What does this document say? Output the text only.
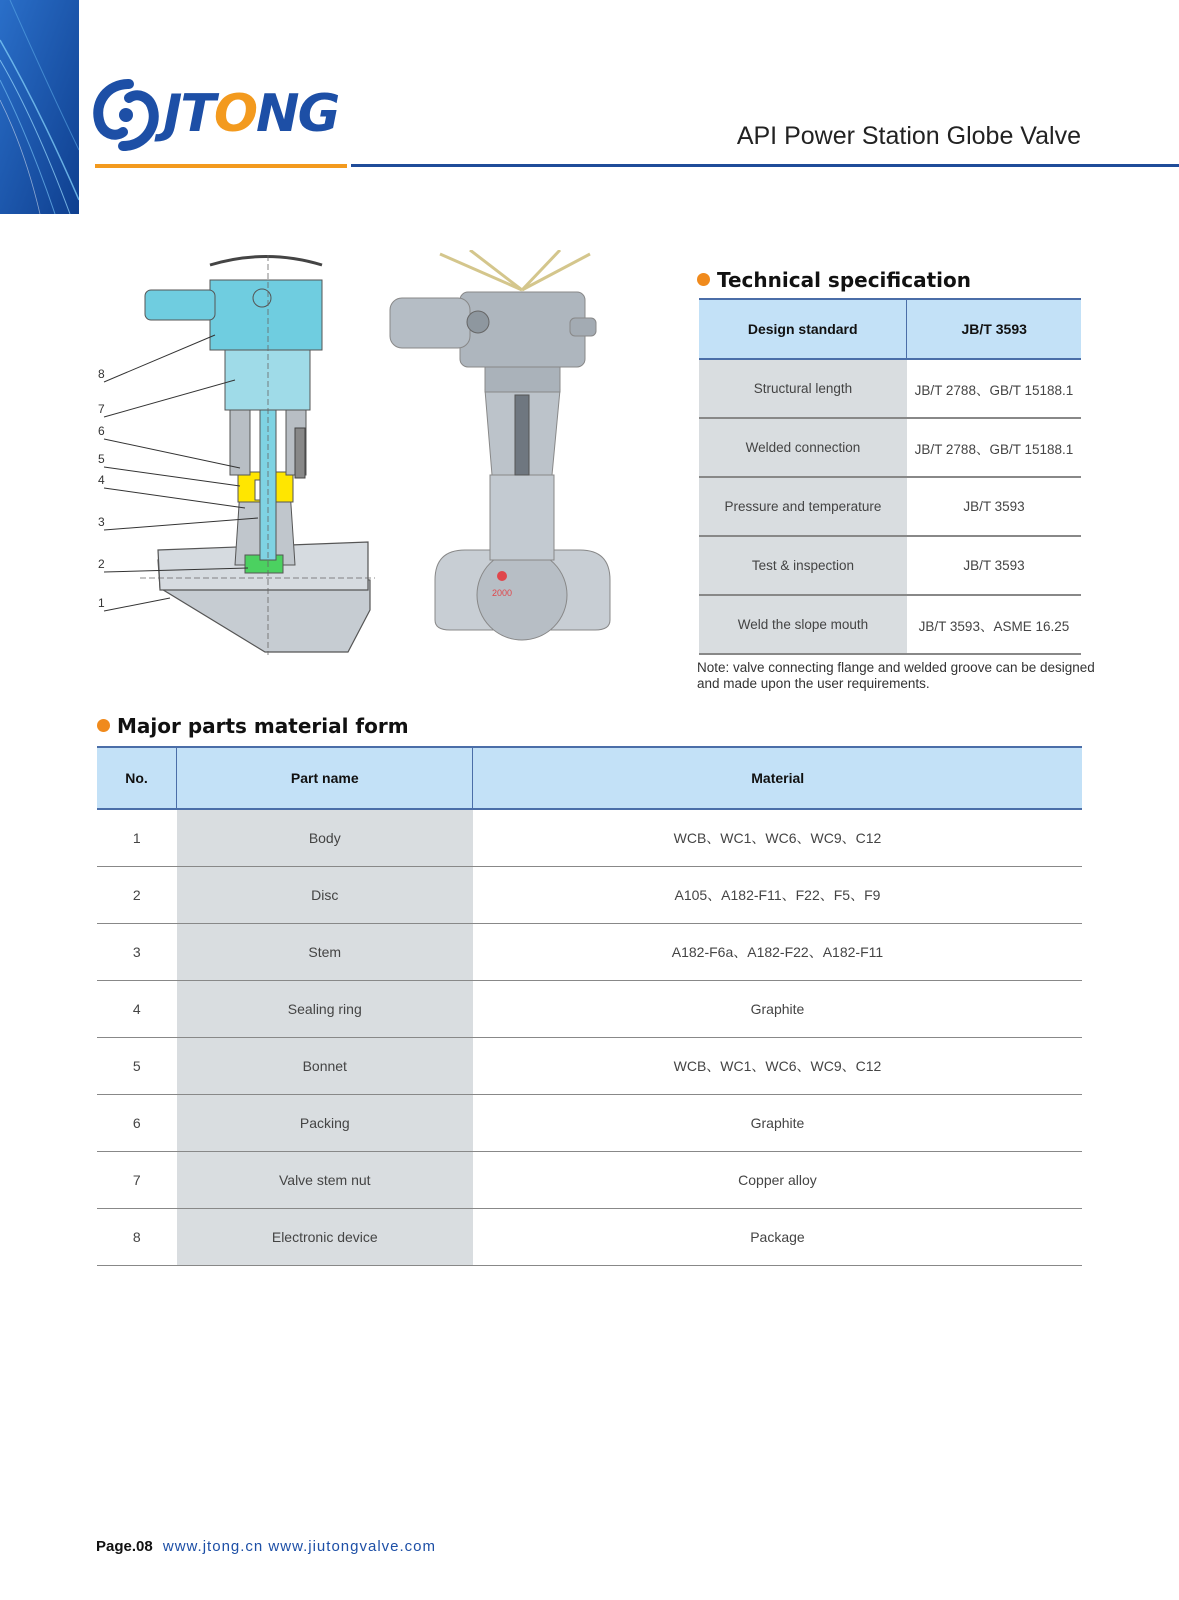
JTONG	API Power Station Globe Valve
8
7
6
5
4
3
2
1
2000
Technical specification
Design standard	JB/T 3593
Structural length	JB/T 2788、GB/T 15188.1
Welded connection	JB/T 2788、GB/T 15188.1
Pressure and temperature	JB/T 3593
Test & inspection	JB/T 3593
Weld the slope mouth	JB/T 3593、ASME 16.25
Note: valve connecting flange and welded groove can be designed and made upon the user requirements.
Major parts material form
No.	Part name	Material
1	Body	WCB、WC1、WC6、WC9、C12
2	Disc	A105、A182-F11、F22、F5、F9
3	Stem	A182-F6a、A182-F22、A182-F11
4	Sealing ring	Graphite
5	Bonnet	WCB、WC1、WC6、WC9、C12
6	Packing	Graphite
7	Valve stem nut	Copper alloy
8	Electronic device	Package
Page.08 www.jtong.cn www.jiutongvalve.com
